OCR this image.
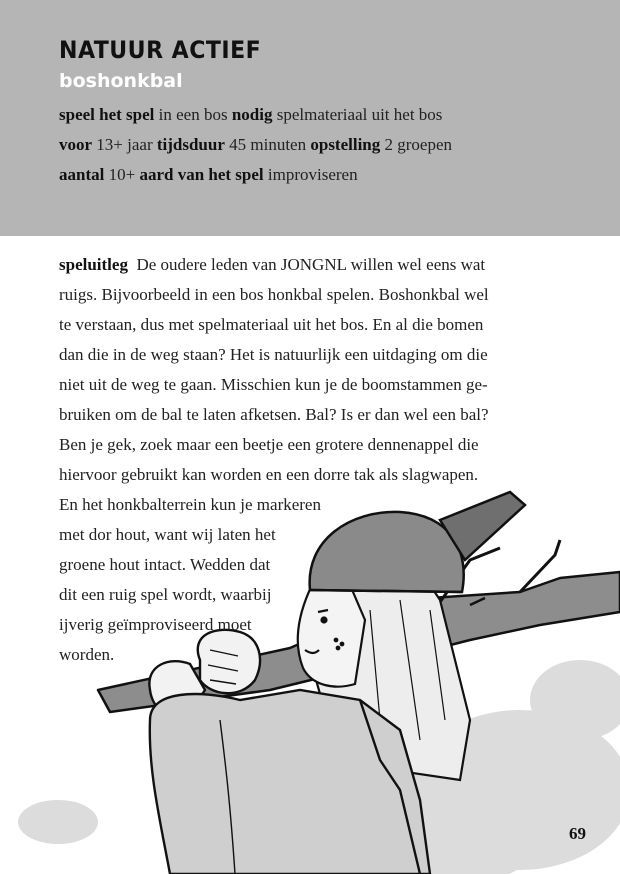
NATUUR ACTIEF
boshonkbal
speel het spel in een bos nodig spelmateriaal uit het bos
voor 13+ jaar tijdsduur 45 minuten opstelling 2 groepen
aantal 10+ aard van het spel improviseren
speluitleg De oudere leden van JONGNL willen wel eens wat
ruigs. Bijvoorbeeld in een bos honkbal spelen. Boshonkbal wel
te verstaan, dus met spelmateriaal uit het bos. En al die bomen
dan die in de weg staan? Het is natuurlijk een uitdaging om die
niet uit de weg te gaan. Misschien kun je de boomstammen ge-
bruiken om de bal te laten afketsen. Bal? Is er dan wel een bal?
Ben je gek, zoek maar een beetje een grotere dennenappel die
hiervoor gebruikt kan worden en een dorre tak als slagwapen.
En het honkbalterrein kun je markeren
met dor hout, want wij laten het
groene hout intact. Wedden dat
dit een ruig spel wordt, waarbij
ijverig geïmproviseerd moet
worden.
69
